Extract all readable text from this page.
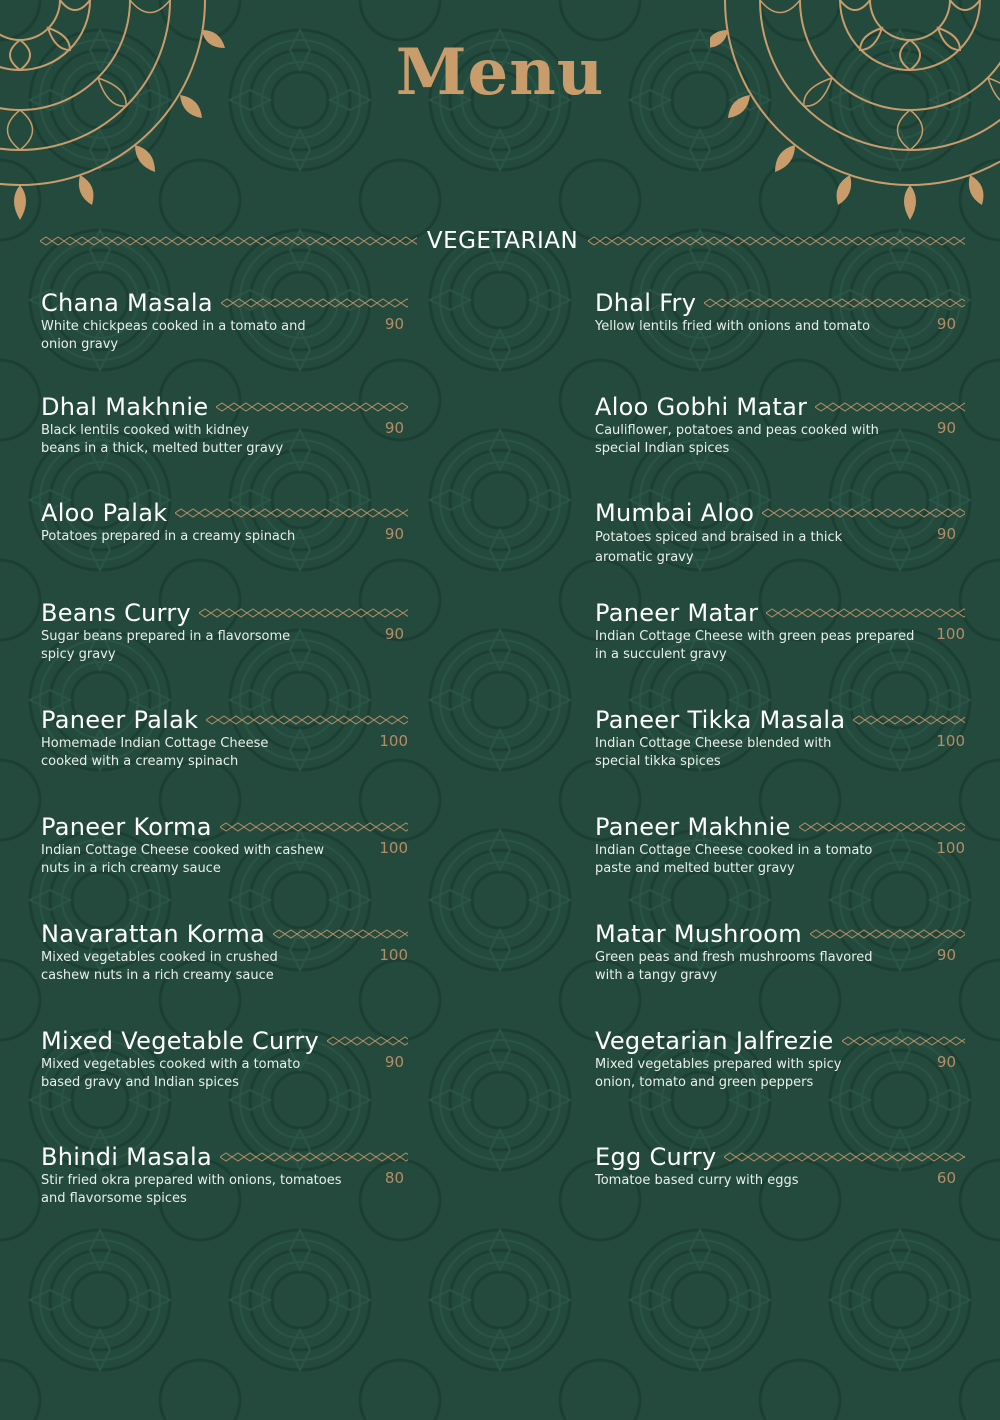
Menu
VEGETARIAN
Chana Masala
White chickpeas cooked in a tomato and
onion gravy
90
Dhal Makhnie
Black lentils cooked with kidney
beans in a thick, melted butter gravy
90
Aloo Palak
Potatoes prepared in a creamy spinach	90
Beans Curry
Sugar beans prepared in a flavorsome
spicy gravy
90
Paneer Palak
Homemade Indian Cottage Cheese
cooked with a creamy spinach
100
Paneer Korma
Indian Cottage Cheese cooked with cashew
nuts in a rich creamy sauce
100
Navarattan Korma
Mixed vegetables cooked in crushed
cashew nuts in a rich creamy sauce
100
Mixed Vegetable Curry
Mixed vegetables cooked with a tomato
based gravy and Indian spices
90
Bhindi Masala
Stir fried okra prepared with onions, tomatoes
and flavorsome spices
80
Dhal Fry
Yellow lentils fried with onions and tomato	90
Aloo Gobhi Matar
Cauliflower, potatoes and peas cooked with
special Indian spices
90
Mumbai Aloo
Potatoes spiced and braised in a thick
aromatic gravy
90
Paneer Matar
Indian Cottage Cheese with green peas prepared
in a succulent gravy
100
Paneer Tikka Masala
Indian Cottage Cheese blended with
special tikka spices
100
Paneer Makhnie
Indian Cottage Cheese cooked in a tomato
paste and melted butter gravy
100
Matar Mushroom
Green peas and fresh mushrooms flavored
with a tangy gravy
90
Vegetarian Jalfrezie
Mixed vegetables prepared with spicy
onion, tomato and green peppers
90
Egg Curry
Tomatoe based curry with eggs	60
